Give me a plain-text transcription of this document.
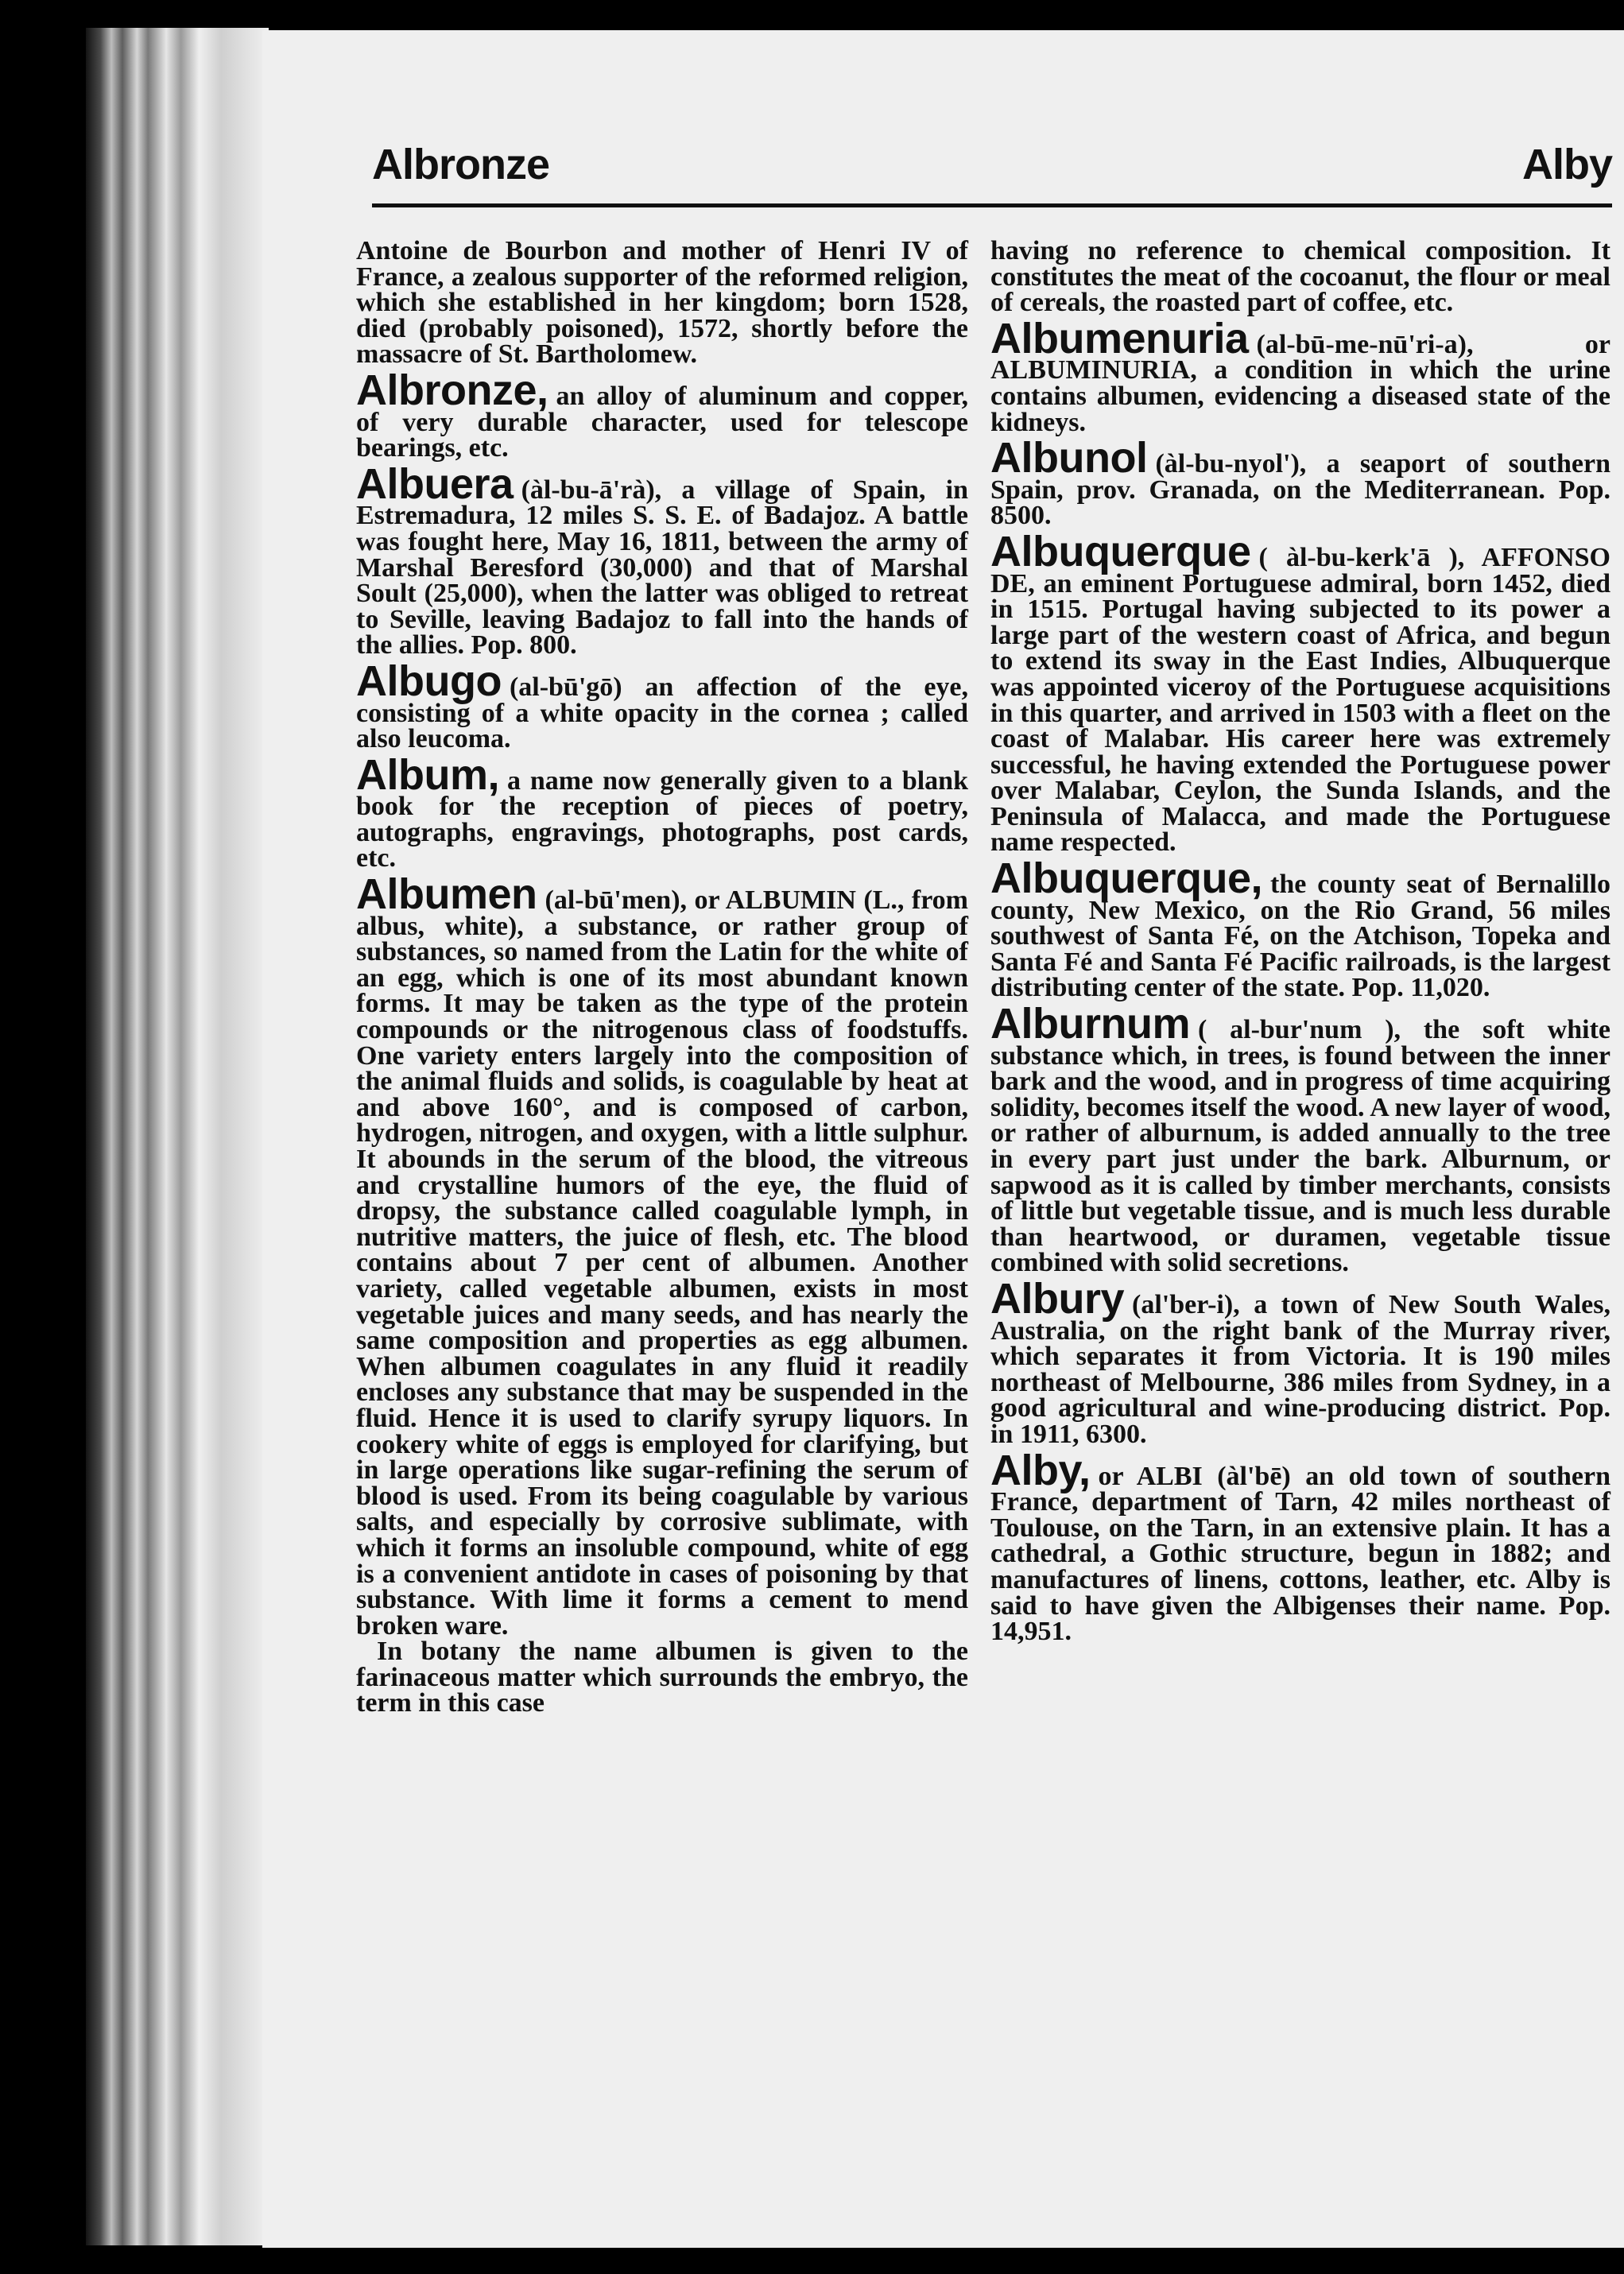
Albronze	Alby

Antoine de Bourbon and mother of Henri IV of France, a zealous supporter of the reformed religion, which she established in her kingdom; born 1528, died (probably poisoned), 1572, shortly before the massacre of St. Bartholomew.

Albronze, an alloy of aluminum and copper, of very durable character, used for telescope bearings, etc.

Albuera (àl-bu-ā'rà), a village of Spain, in Estremadura, 12 miles S. S. E. of Badajoz. A battle was fought here, May 16, 1811, between the army of Marshal Beresford (30,000) and that of Marshal Soult (25,000), when the latter was obliged to retreat to Seville, leaving Badajoz to fall into the hands of the allies. Pop. 800.

Albugo (al-bū'gō) an affection of the eye, consisting of a white opacity in the cornea ; called also leucoma.

Album, a name now generally given to a blank book for the reception of pieces of poetry, autographs, engravings, photographs, post cards, etc.

Albumen (al-bū'men), or ALBUMIN (L., from albus, white), a substance, or rather group of substances, so named from the Latin for the white of an egg, which is one of its most abundant known forms. It may be taken as the type of the protein compounds or the nitrogenous class of foodstuffs. One variety enters largely into the composition of the animal fluids and solids, is coagulable by heat at and above 160°, and is composed of carbon, hydrogen, nitrogen, and oxygen, with a little sulphur. It abounds in the serum of the blood, the vitreous and crystalline humors of the eye, the fluid of dropsy, the substance called coagulable lymph, in nutritive matters, the juice of flesh, etc. The blood contains about 7 per cent of albumen. Another variety, called vegetable albumen, exists in most vegetable juices and many seeds, and has nearly the same composition and properties as egg albumen. When albumen coagulates in any fluid it readily encloses any substance that may be suspended in the fluid. Hence it is used to clarify syrupy liquors. In cookery white of eggs is employed for clarifying, but in large operations like sugar-refining the serum of blood is used. From its being coagulable by various salts, and especially by corrosive sublimate, with which it forms an insoluble compound, white of egg is a convenient antidote in cases of poisoning by that substance. With lime it forms a cement to mend broken ware.

In botany the name albumen is given to the farinaceous matter which surrounds the embryo, the term in this case

having no reference to chemical composition. It constitutes the meat of the cocoanut, the flour or meal of cereals, the roasted part of coffee, etc.

Albumenuria (al-bū-me-nū'ri-a), or ALBUMINURIA, a condition in which the urine contains albumen, evidencing a diseased state of the kidneys.

Albunol (àl-bu-nyol'), a seaport of southern Spain, prov. Granada, on the Mediterranean. Pop. 8500.

Albuquerque ( àl-bu-kerk'ā ), AFFONSO DE, an eminent Portuguese admiral, born 1452, died in 1515. Portugal having subjected to its power a large part of the western coast of Africa, and begun to extend its sway in the East Indies, Albuquerque was appointed viceroy of the Portuguese acquisitions in this quarter, and arrived in 1503 with a fleet on the coast of Malabar. His career here was extremely successful, he having extended the Portuguese power over Malabar, Ceylon, the Sunda Islands, and the Peninsula of Malacca, and made the Portuguese name respected.

Albuquerque, the county seat of Bernalillo county, New Mexico, on the Rio Grand, 56 miles southwest of Santa Fé, on the Atchison, Topeka and Santa Fé and Santa Fé Pacific railroads, is the largest distributing center of the state. Pop. 11,020.

Alburnum ( al-bur'num ), the soft white substance which, in trees, is found between the inner bark and the wood, and in progress of time acquiring solidity, becomes itself the wood. A new layer of wood, or rather of alburnum, is added annually to the tree in every part just under the bark. Alburnum, or sapwood as it is called by timber merchants, consists of little but vegetable tissue, and is much less durable than heartwood, or duramen, vegetable tissue combined with solid secretions.

Albury (al'ber-i), a town of New South Wales, Australia, on the right bank of the Murray river, which separates it from Victoria. It is 190 miles northeast of Melbourne, 386 miles from Sydney, in a good agricultural and wine-producing district. Pop. in 1911, 6300.

Alby, or ALBI (àl'bē) an old town of southern France, department of Tarn, 42 miles northeast of Toulouse, on the Tarn, in an extensive plain. It has a cathedral, a Gothic structure, begun in 1882; and manufactures of linens, cottons, leather, etc. Alby is said to have given the Albigenses their name. Pop. 14,951.
